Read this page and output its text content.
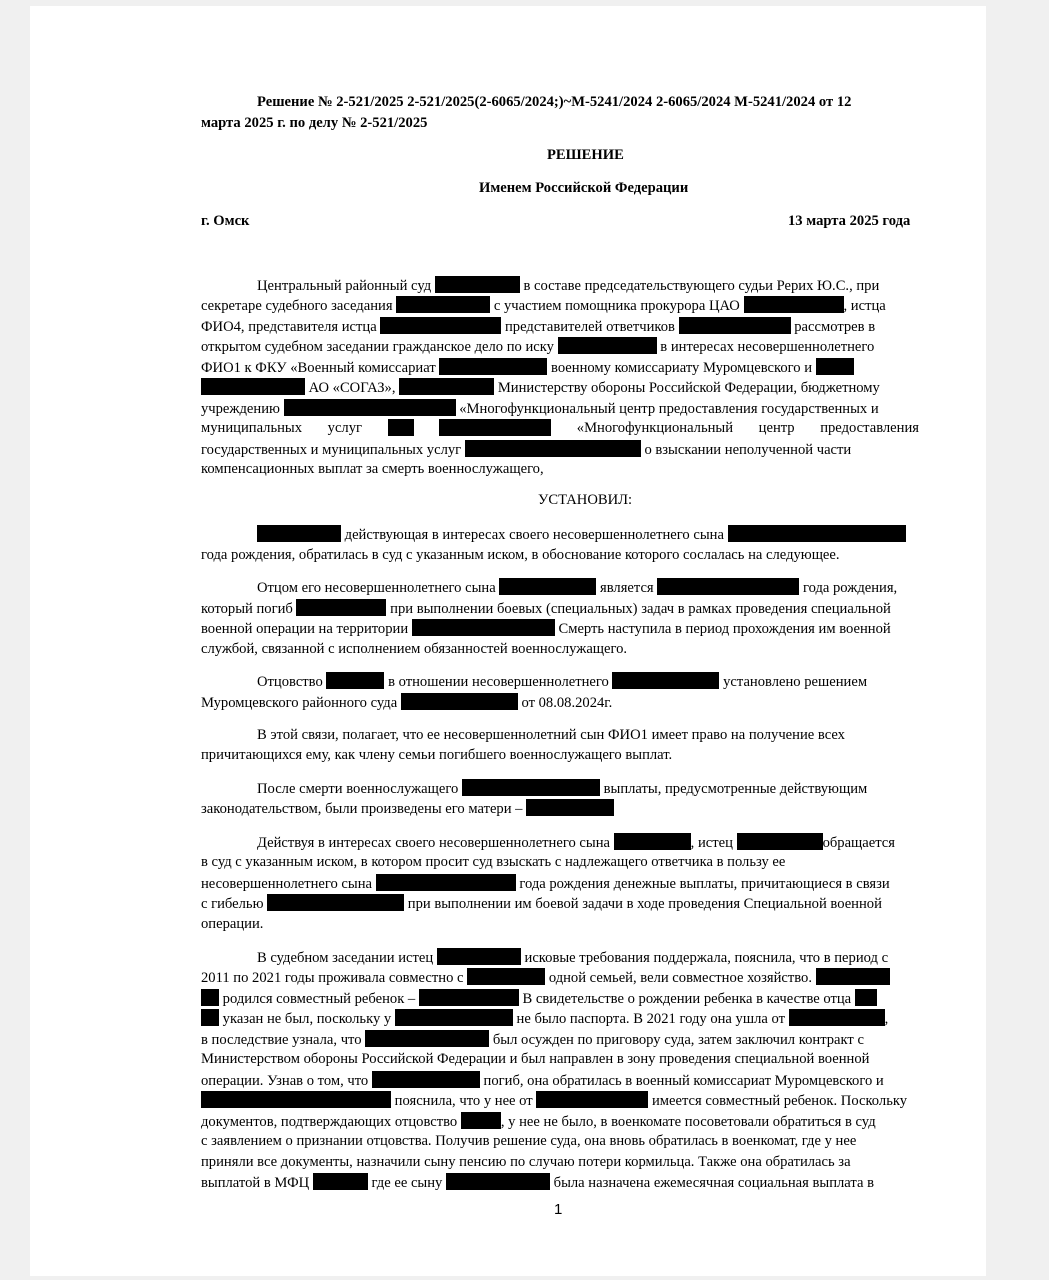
Решение № 2-521/2025 2-521/2025(2-6065/2024;)~М-5241/2024 2-6065/2024 М-5241/2024 от 12
марта 2025 г. по делу № 2-521/2025
РЕШЕНИЕ
Именем Российской Федерации
г. Омск	13 марта 2025 года
Центральный районный суд	в составе председательствующего судьи Рерих Ю.С., при
секретаре судебного заседания	с участием помощника прокурора ЦАО	, истца
ФИО4, представителя истца	представителей ответчиков	рассмотрев в
открытом судебном заседании гражданское дело по иску	в интересах несовершеннолетнего
ФИО1 к ФКУ «Военный комиссариат	военному комиссариату Муромцевского и
АО «СОГАЗ»,	Министерству обороны Российской Федерации, бюджетному
учреждению	«Многофункциональный центр предоставления государственных и
муниципальных услуг	«Многофункциональный центр предоставления
государственных и муниципальных услуг	о взыскании неполученной части
компенсационных выплат за смерть военнослужащего,
УСТАНОВИЛ:
действующая в интересах своего несовершеннолетнего сына
года рождения, обратилась в суд с указанным иском, в обоснование которого сослалась на следующее.
Отцом его несовершеннолетнего сына	является	года рождения,
который погиб	при выполнении боевых (специальных) задач в рамках проведения специальной
военной операции на территории	Смерть наступила в период прохождения им военной
службой, связанной с исполнением обязанностей военнослужащего.
Отцовство	в отношении несовершеннолетнего	установлено решением
Муромцевского районного суда	от 08.08.2024г.
В этой связи, полагает, что ее несовершеннолетний сын ФИО1 имеет право на получение всех
причитающихся ему, как члену семьи погибшего военнослужащего выплат.
После смерти военнослужащего	выплаты, предусмотренные действующим
законодательством, были произведены его матери –
Действуя в интересах своего несовершеннолетнего сына	, истец	обращается
в суд с указанным иском, в котором просит суд взыскать с надлежащего ответчика в пользу ее
несовершеннолетнего сына	года рождения денежные выплаты, причитающиеся в связи
с гибелью	при выполнении им боевой задачи в ходе проведения Специальной военной
операции.
В судебном заседании истец	исковые требования поддержала, пояснила, что в период с
2011 по 2021 годы проживала совместно с	одной семьей, вели совместное хозяйство.
родился совместный ребенок –	В свидетельстве о рождении ребенка в качестве отца
указан не был, поскольку у	не было паспорта. В 2021 году она ушла от	,
в последствие узнала, что	был осужден по приговору суда, затем заключил контракт с
Министерством обороны Российской Федерации и был направлен в зону проведения специальной военной
операции. Узнав о том, что	погиб, она обратилась в военный комиссариат Муромцевского и
пояснила, что у нее от	имеется совместный ребенок. Поскольку
документов, подтверждающих отцовство	, у нее не было, в военкомате посоветовали обратиться в суд
с заявлением о признании отцовства. Получив решение суда, она вновь обратилась в военкомат, где у нее
приняли все документы, назначили сыну пенсию по случаю потери кормильца. Также она обратилась за
выплатой в МФЦ	где ее сыну	была назначена ежемесячная социальная выплата в
1
